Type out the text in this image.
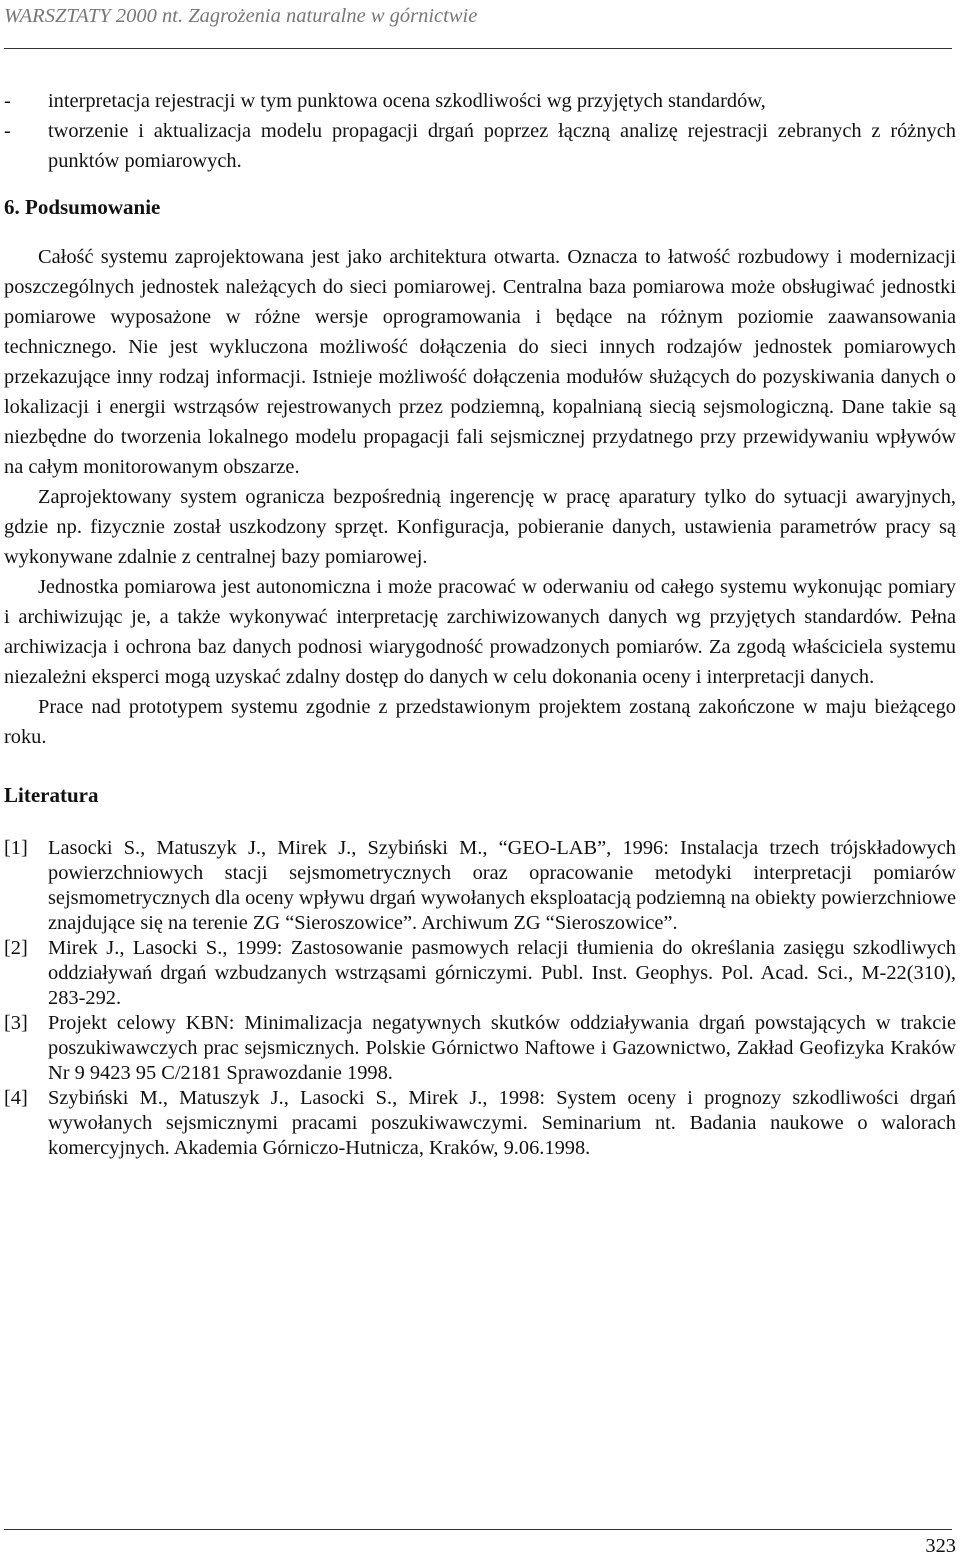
WARSZTATY 2000 nt. Zagrożenia naturalne w górnictwie
- interpretacja rejestracji w tym punktowa ocena szkodliwości wg przyjętych standardów,
- tworzenie i aktualizacja modelu propagacji drgań poprzez łączną analizę rejestracji zebranych z różnych punktów pomiarowych.
6. Podsumowanie

Całość systemu zaprojektowana jest jako architektura otwarta. Oznacza to łatwość rozbudowy i modernizacji poszczególnych jednostek należących do sieci pomiarowej. Centralna baza pomiarowa może obsługiwać jednostki pomiarowe wyposażone w różne wersje oprogramowania i będące na różnym poziomie zaawansowania technicznego. Nie jest wykluczona możliwość dołączenia do sieci innych rodzajów jednostek pomiarowych przekazujące inny rodzaj informacji. Istnieje możliwość dołączenia modułów służących do pozyskiwania danych o lokalizacji i energii wstrząsów rejestrowanych przez podziemną, kopalnianą siecią sejsmologiczną. Dane takie są niezbędne do tworzenia lokalnego modelu propagacji fali sejsmicznej przydatnego przy przewidywaniu wpływów na całym monitorowanym obszarze.

Zaprojektowany system ogranicza bezpośrednią ingerencję w pracę aparatury tylko do sytuacji awaryjnych, gdzie np. fizycznie został uszkodzony sprzęt. Konfiguracja, pobieranie danych, ustawienia parametrów pracy są wykonywane zdalnie z centralnej bazy pomiarowej.

Jednostka pomiarowa jest autonomiczna i może pracować w oderwaniu od całego systemu wykonując pomiary i archiwizując je, a także wykonywać interpretację zarchiwizowanych danych wg przyjętych standardów. Pełna archiwizacja i ochrona baz danych podnosi wiarygodność prowadzonych pomiarów. Za zgodą właściciela systemu niezależni eksperci mogą uzyskać zdalny dostęp do danych w celu dokonania oceny i interpretacji danych.

Prace nad prototypem systemu zgodnie z przedstawionym projektem zostaną zakończone w maju bieżącego roku.

Literatura
[1] Lasocki S., Matuszyk J., Mirek J., Szybiński M., “GEO-LAB”, 1996: Instalacja trzech trójskładowych powierzchniowych stacji sejsmometrycznych oraz opracowanie metodyki interpretacji pomiarów sejsmometrycznych dla oceny wpływu drgań wywołanych eksploatacją podziemną na obiekty powierzchniowe znajdujące się na terenie ZG “Sieroszowice”. Archiwum ZG “Sieroszowice”.
[2] Mirek J., Lasocki S., 1999: Zastosowanie pasmowych relacji tłumienia do określania zasięgu szkodliwych oddziaływań drgań wzbudzanych wstrząsami górniczymi. Publ. Inst. Geophys. Pol. Acad. Sci., M-22(310), 283-292.
[3] Projekt celowy KBN: Minimalizacja negatywnych skutków oddziaływania drgań powstających w trakcie poszukiwawczych prac sejsmicznych. Polskie Górnictwo Naftowe i Gazownictwo, Zakład Geofizyka Kraków Nr 9 9423 95 C/2181 Sprawozdanie 1998.
[4] Szybiński M., Matuszyk J., Lasocki S., Mirek J., 1998: System oceny i prognozy szkodliwości drgań wywołanych sejsmicznymi pracami poszukiwawczymi. Seminarium nt. Badania naukowe o walorach komercyjnych. Akademia Górniczo-Hutnicza, Kraków, 9.06.1998.
323
